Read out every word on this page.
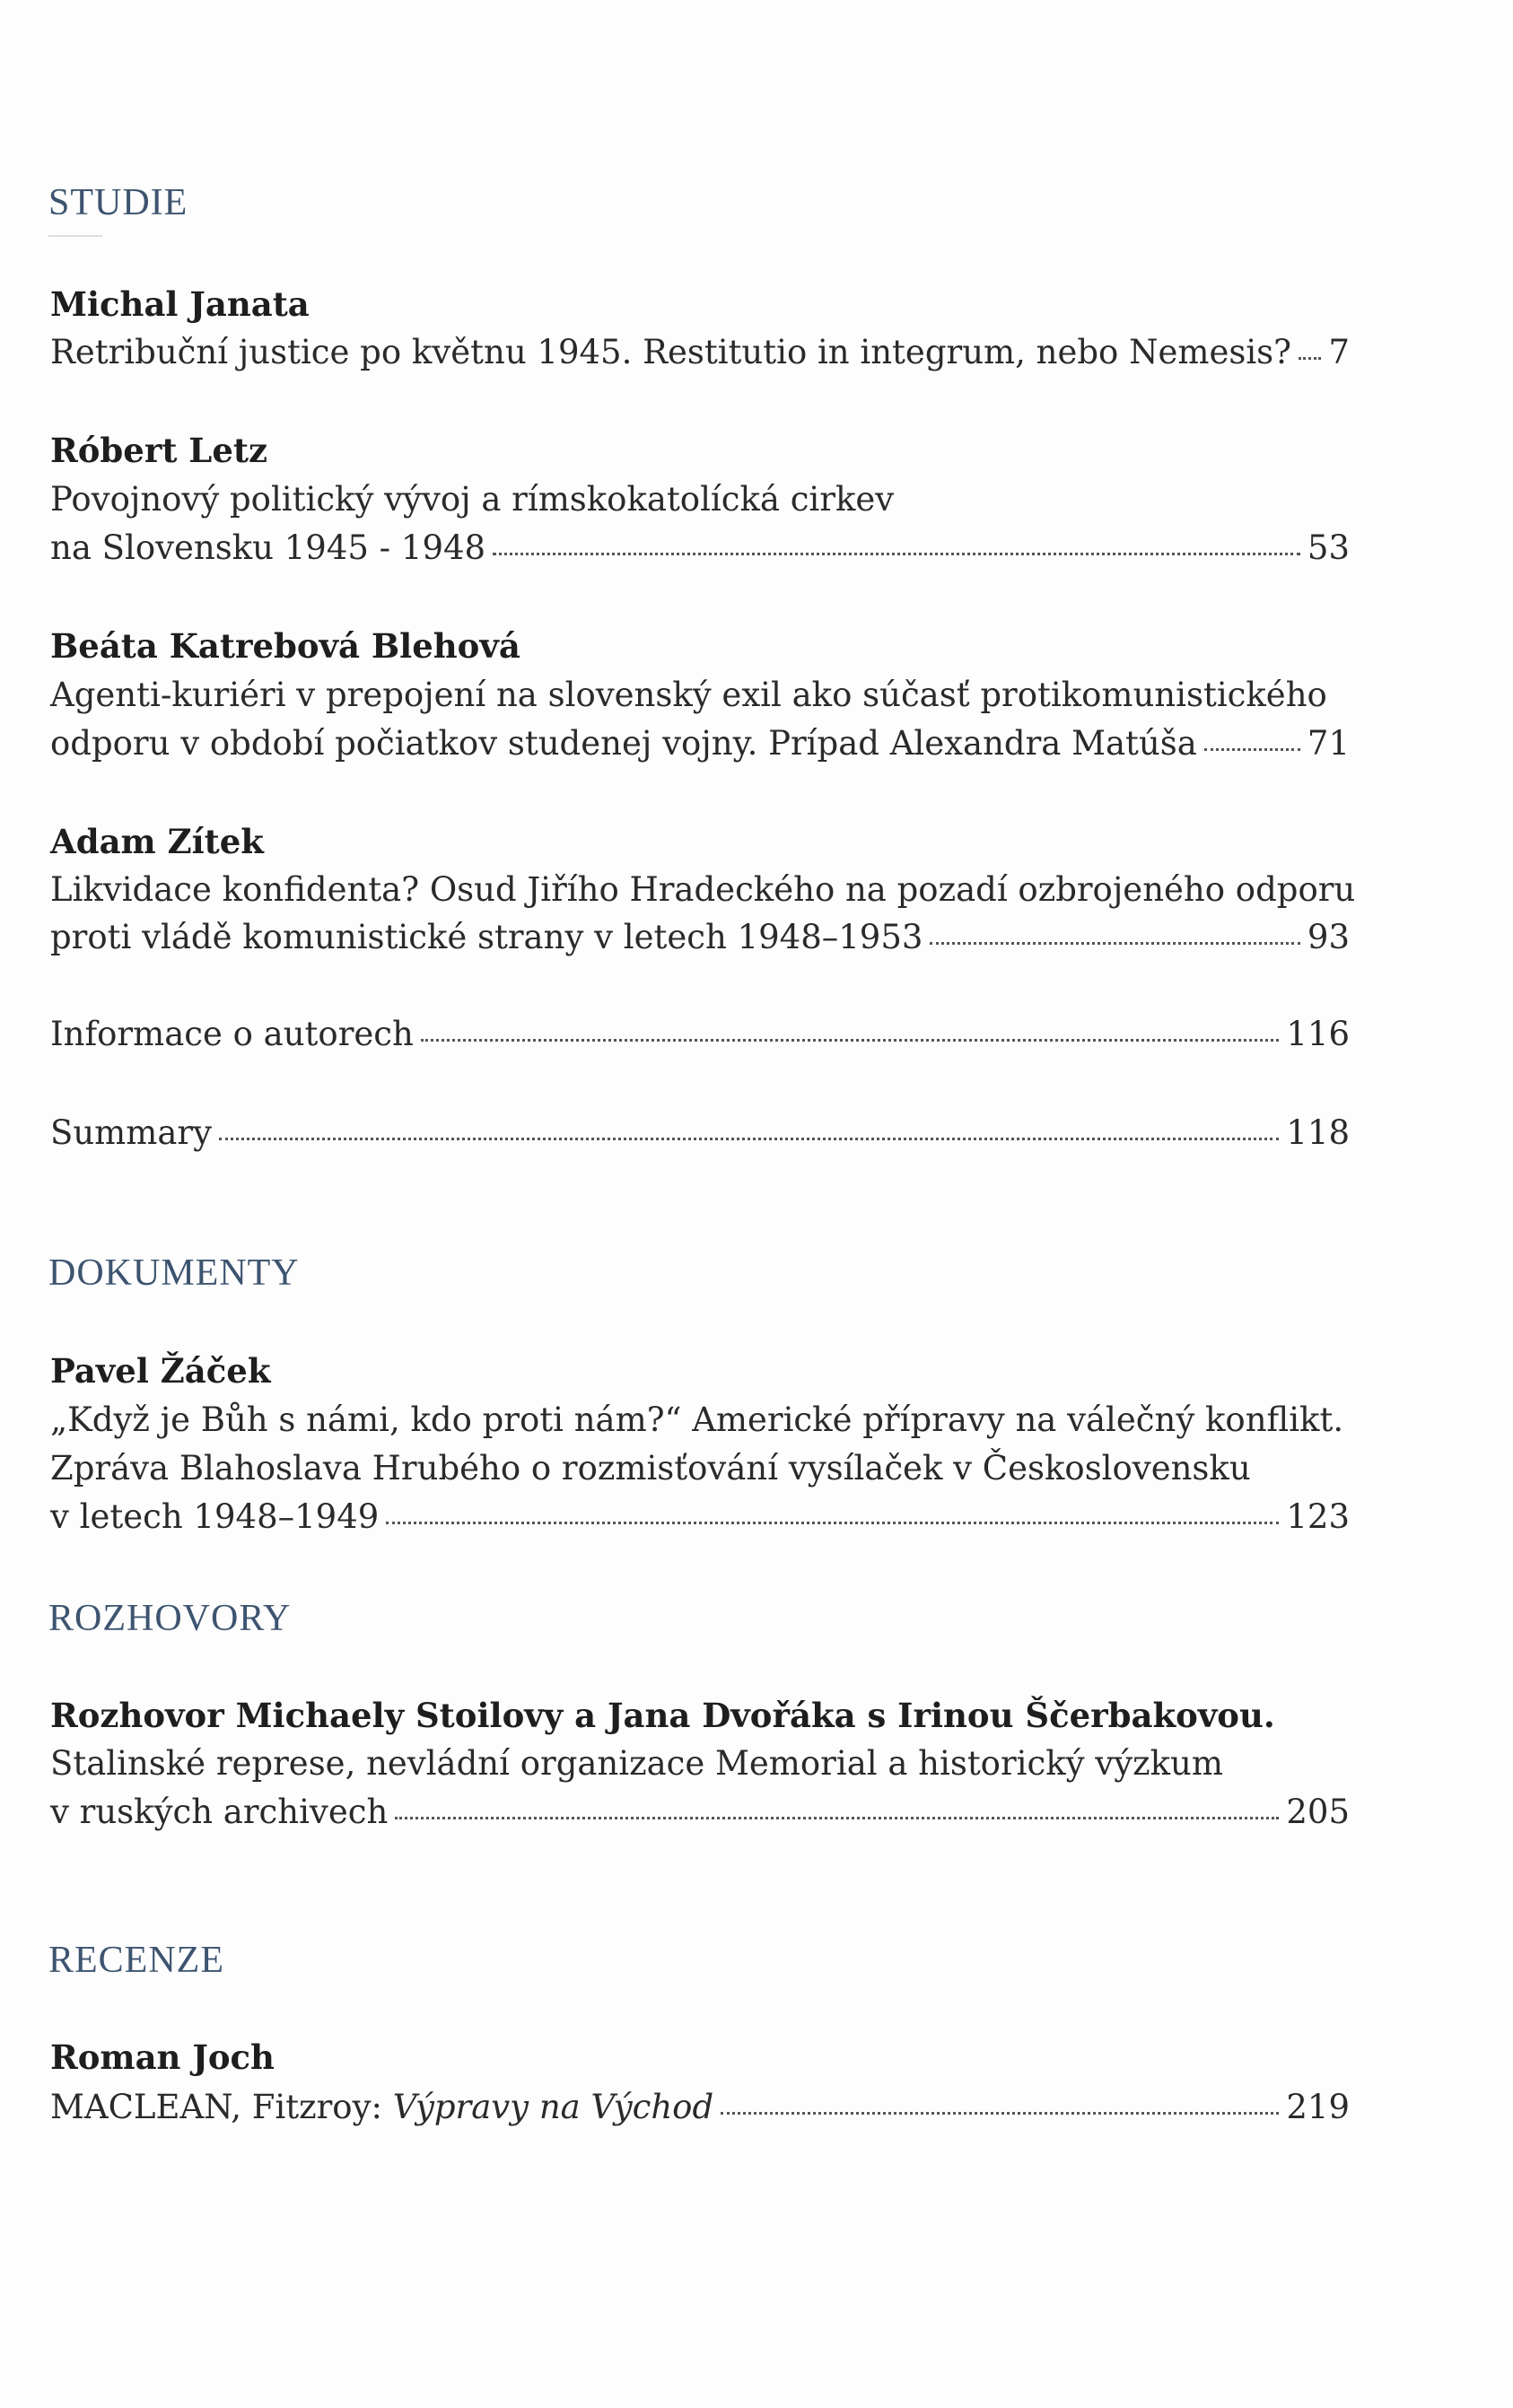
STUDIE
Michal Janata
Retribuční justice po květnu 1945. Restitutio in integrum, nebo Nemesis? 7
Róbert Letz
Povojnový politický vývoj a rímskokatolícká cirkev
na Slovensku 1945 - 1948	53
Beáta Katrebová Blehová
Agenti-kuriéri v prepojení na slovenský exil ako súčasť protikomunistického
odporu v období počiatkov studenej vojny. Prípad Alexandra Matúša	71
Adam Zítek
Likvidace konfidenta? Osud Jiřího Hradeckého na pozadí ozbrojeného odporu
proti vládě komunistické strany v letech 1948–1953	93
Informace o autorech	116
Summary	118
DOKUMENTY
Pavel Žáček
„Když je Bůh s námi, kdo proti nám?“ Americké přípravy na válečný konflikt.
Zpráva Blahoslava Hrubého o rozmisťování vysílaček v Československu
v letech 1948–1949	123
ROZHOVORY
Rozhovor Michaely Stoilovy a Jana Dvořáka s Irinou Ščerbakovou.
Stalinské represe, nevládní organizace Memorial a historický výzkum
v ruských archivech	205
RECENZE
Roman Joch
MACLEAN, Fitzroy: Výpravy na Východ	219
